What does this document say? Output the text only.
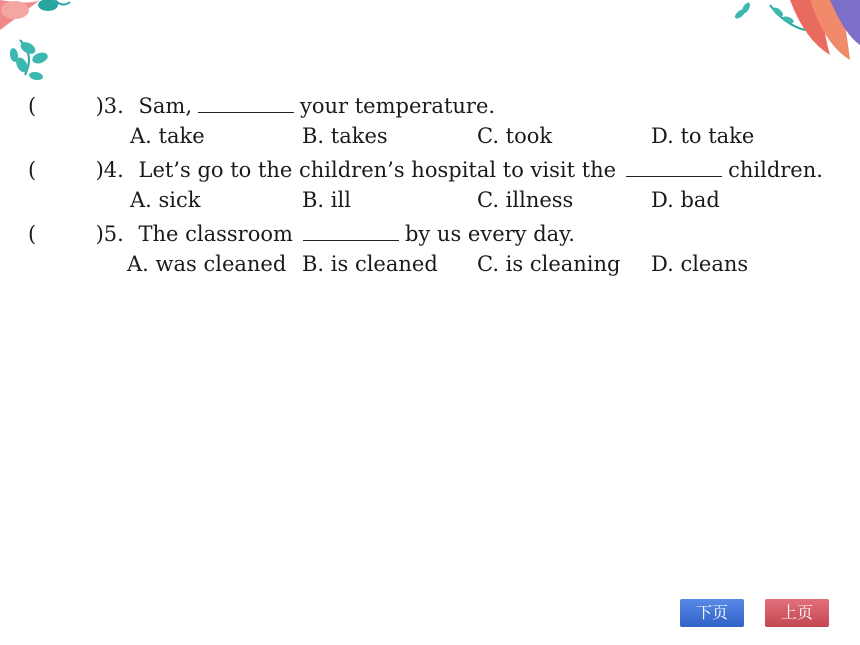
(	)3. Sam,	your temperature.
A. take	B. takes	C. took	D. to take
(	)4. Let’s go to the children’s hospital to visit the	children.
A. sick	B. ill	C. illness	D. bad
(	)5. The classroom	by us every day.
A. was cleaned B. is cleaned C. is cleaning D. cleans
下页	上页
